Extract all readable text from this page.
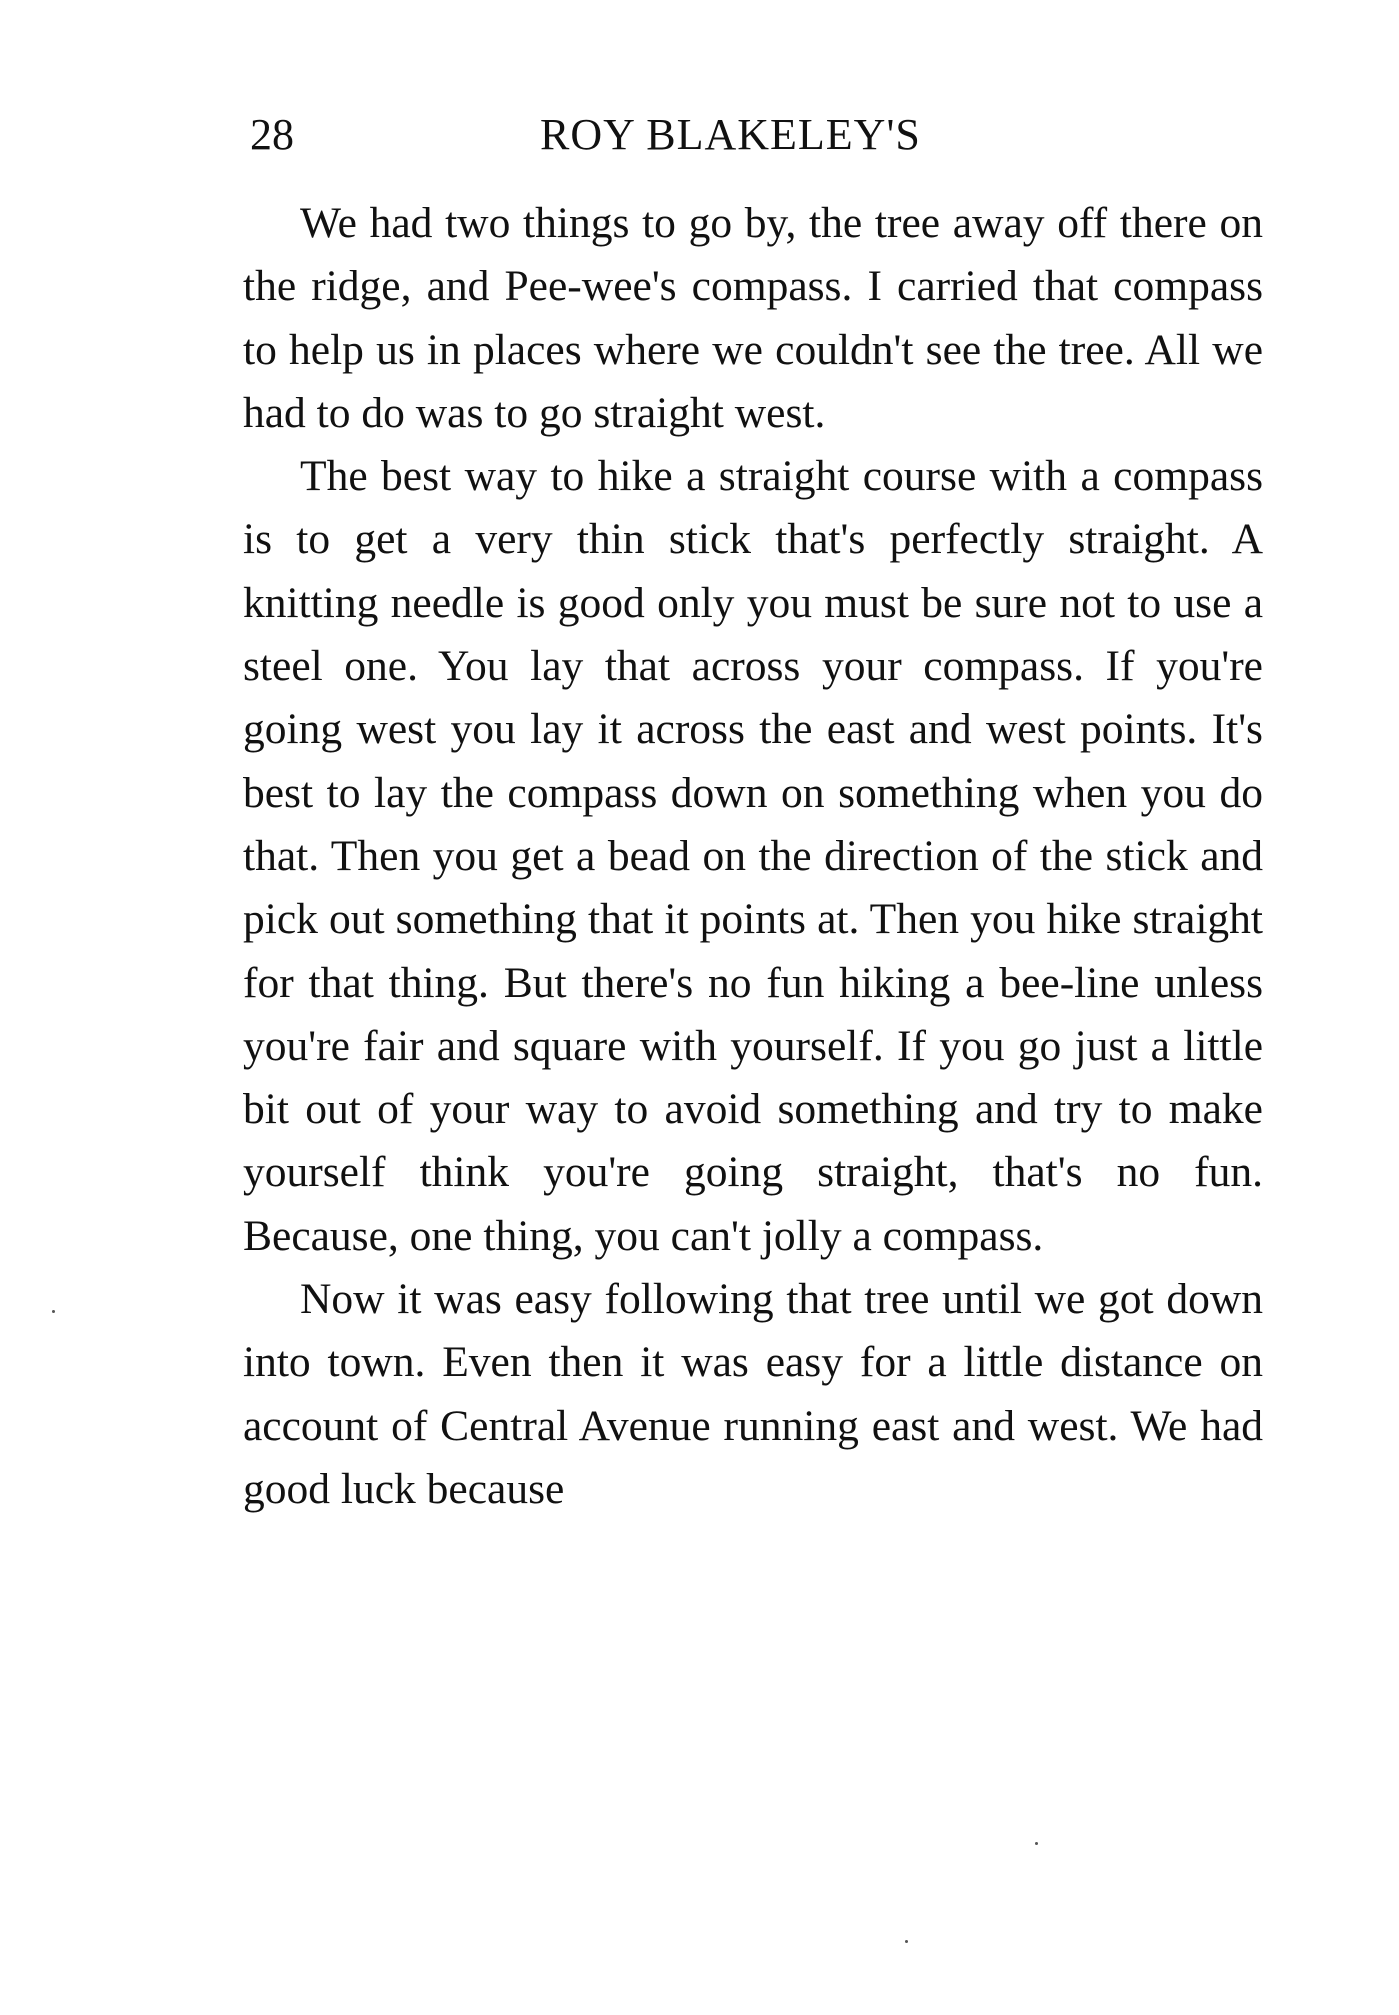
28	ROY BLAKELEY'S

We had two things to go by, the tree away off there on the ridge, and Pee-wee's compass. I carried that compass to help us in places where we couldn't see the tree. All we had to do was to go straight west.

The best way to hike a straight course with a compass is to get a very thin stick that's perfectly straight. A knitting needle is good only you must be sure not to use a steel one. You lay that across your compass. If you're going west you lay it across the east and west points. It's best to lay the compass down on something when you do that. Then you get a bead on the direction of the stick and pick out something that it points at. Then you hike straight for that thing. But there's no fun hiking a bee-line unless you're fair and square with yourself. If you go just a little bit out of your way to avoid something and try to make yourself think you're going straight, that's no fun. Because, one thing, you can't jolly a compass.

Now it was easy following that tree until we got down into town. Even then it was easy for a little distance on account of Central Avenue running east and west. We had good luck because
